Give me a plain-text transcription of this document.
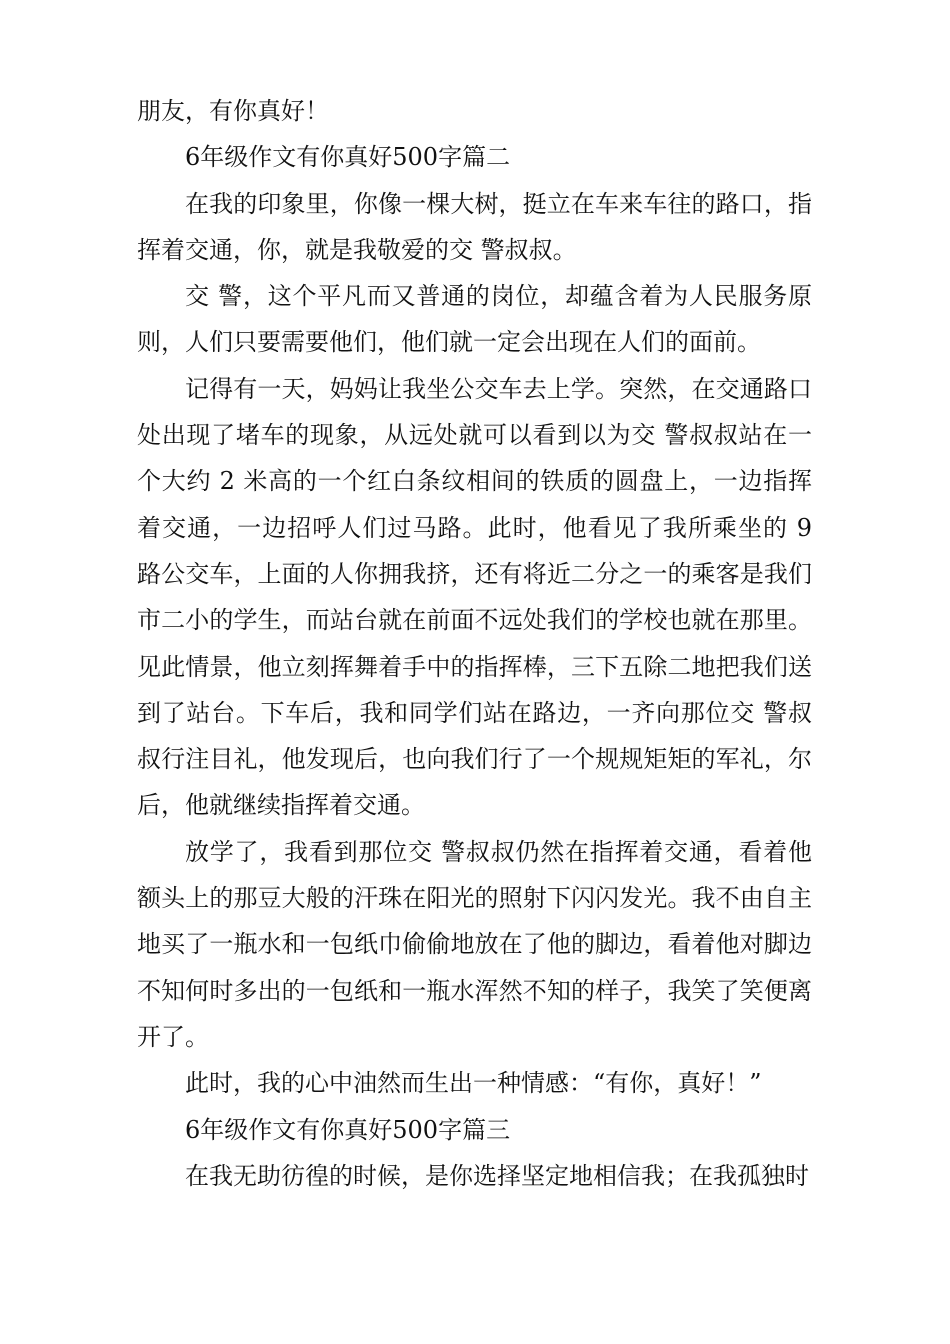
朋友，有你真好！

6年级作文有你真好500字篇二

在我的印象里，你像一棵大树，挺立在车来车往的路口，指挥着交通，你，就是我敬爱的交 警叔叔。

交 警，这个平凡而又普通的岗位，却蕴含着为人民服务原则，人们只要需要他们，他们就一定会出现在人们的面前。

记得有一天，妈妈让我坐公交车去上学。突然，在交通路口处出现了堵车的现象，从远处就可以看到以为交 警叔叔站在一个大约 2 米高的一个红白条纹相间的铁质的圆盘上，一边指挥着交通，一边招呼人们过马路。此时，他看见了我所乘坐的 9 路公交车，上面的人你拥我挤，还有将近二分之一的乘客是我们市二小的学生，而站台就在前面不远处我们的学校也就在那里。见此情景，他立刻挥舞着手中的指挥棒，三下五除二地把我们送到了站台。下车后，我和同学们站在路边，一齐向那位交 警叔叔行注目礼，他发现后，也向我们行了一个规规矩矩的军礼，尔后，他就继续指挥着交通。

放学了，我看到那位交 警叔叔仍然在指挥着交通，看着他额头上的那豆大般的汗珠在阳光的照射下闪闪发光。我不由自主地买了一瓶水和一包纸巾偷偷地放在了他的脚边，看着他对脚边不知何时多出的一包纸和一瓶水浑然不知的样子，我笑了笑便离开了。

此时，我的心中油然而生出一种情感：“有你，真好！”

6年级作文有你真好500字篇三

在我无助彷徨的时候，是你选择坚定地相信我；在我孤独时
